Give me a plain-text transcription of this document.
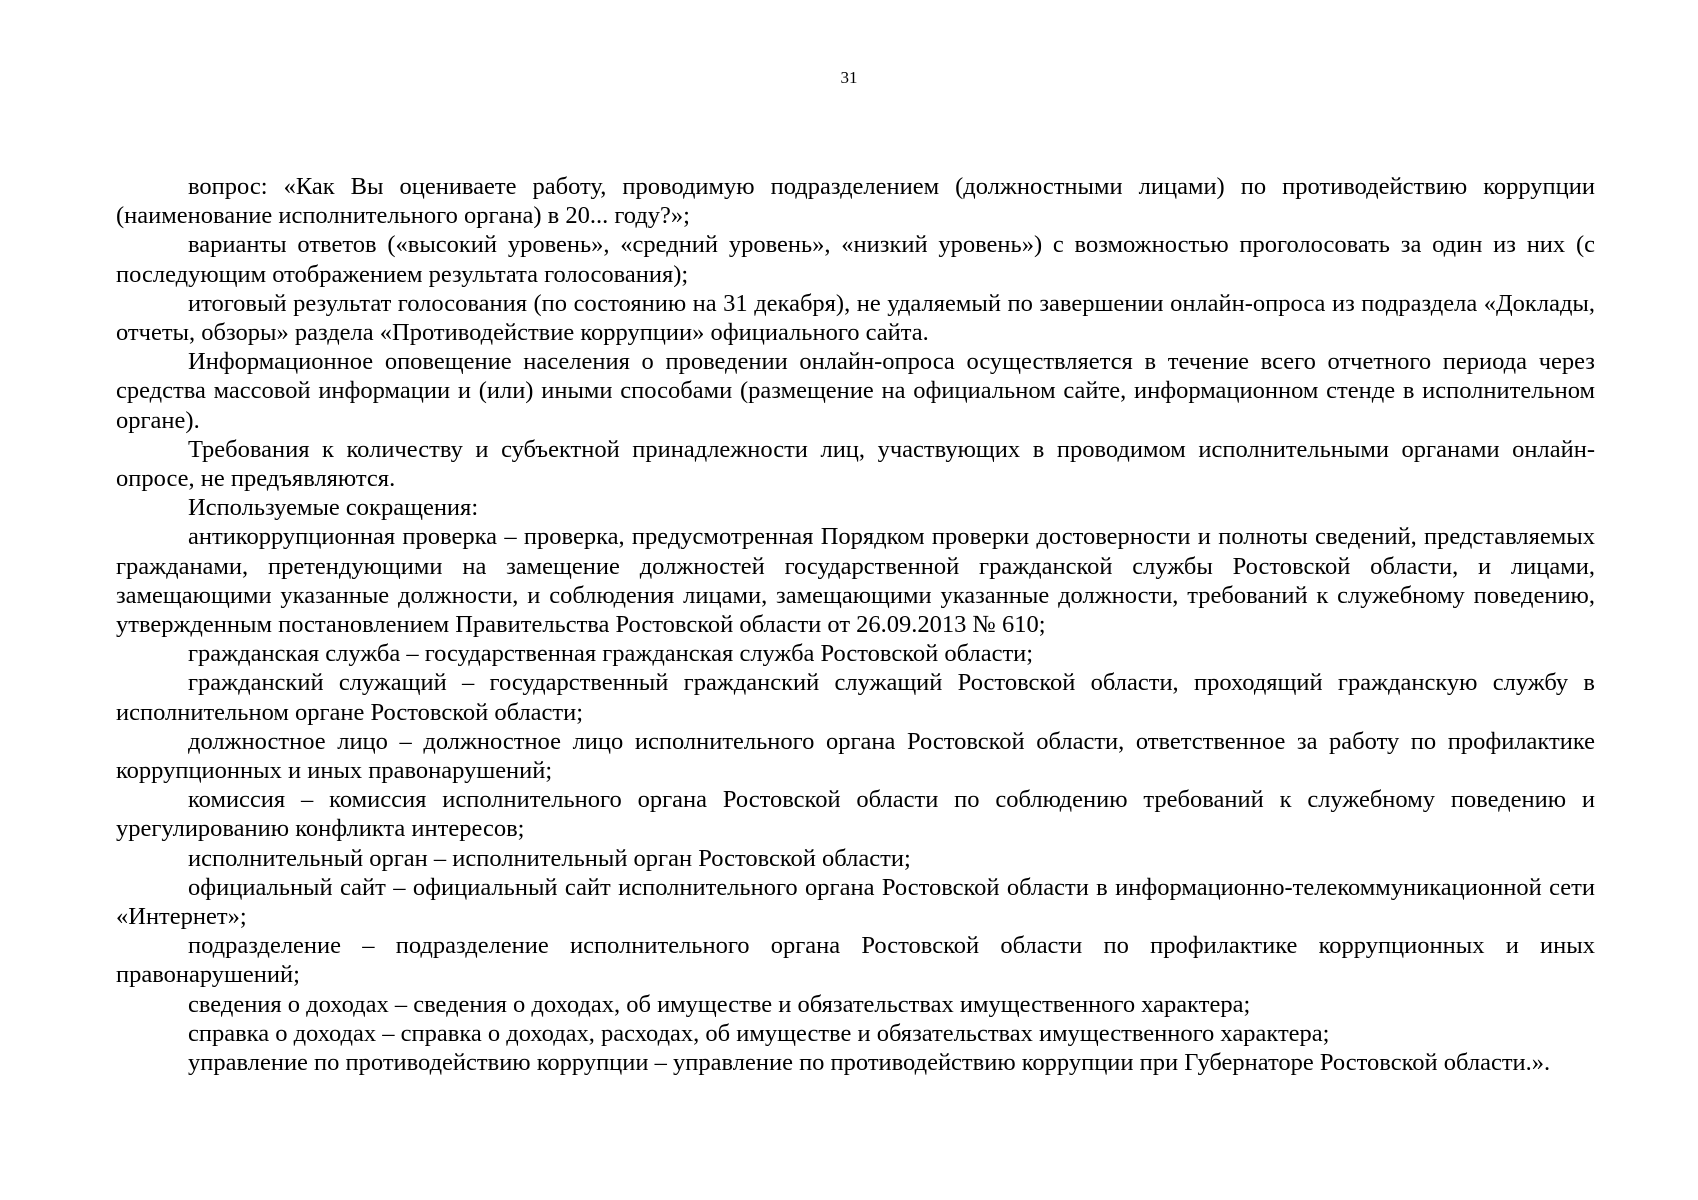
31

вопрос: «Как Вы оцениваете работу, проводимую подразделением (должностными лицами) по противодействию коррупции (наименование исполнительного органа) в 20... году?»;

варианты ответов («высокий уровень», «средний уровень», «низкий уровень») с возможностью проголосовать за один из них (с последующим отображением результата голосования);

итоговый результат голосования (по состоянию на 31 декабря), не удаляемый по завершении онлайн-опроса из подраздела «Доклады, отчеты, обзоры» раздела «Противодействие коррупции» официального сайта.

Информационное оповещение населения о проведении онлайн-опроса осуществляется в течение всего отчетного периода через средства массовой информации и (или) иными способами (размещение на официальном сайте, информационном стенде в исполнительном органе).

Требования к количеству и субъектной принадлежности лиц, участвующих в проводимом исполнительными органами онлайн-опросе, не предъявляются.

Используемые сокращения:

антикоррупционная проверка – проверка, предусмотренная Порядком проверки достоверности и полноты сведений, представляемых гражданами, претендующими на замещение должностей государственной гражданской службы Ростовской области, и лицами, замещающими указанные должности, и соблюдения лицами, замещающими указанные должности, требований к служебному поведению, утвержденным постановлением Правительства Ростовской области от 26.09.2013 № 610;

гражданская служба – государственная гражданская служба Ростовской области;

гражданский служащий – государственный гражданский служащий Ростовской области, проходящий гражданскую службу в исполнительном органе Ростовской области;

должностное лицо – должностное лицо исполнительного органа Ростовской области, ответственное за работу по профилактике коррупционных и иных правонарушений;

комиссия – комиссия исполнительного органа Ростовской области по соблюдению требований к служебному поведению и урегулированию конфликта интересов;

исполнительный орган – исполнительный орган Ростовской области;

официальный сайт – официальный сайт исполнительного органа Ростовской области в информационно-телекоммуникационной сети «Интернет»;

подразделение – подразделение исполнительного органа Ростовской области по профилактике коррупционных и иных правонарушений;

сведения о доходах – сведения о доходах, об имуществе и обязательствах имущественного характера;

справка о доходах – справка о доходах, расходах, об имуществе и обязательствах имущественного характера;

управление по противодействию коррупции – управление по противодействию коррупции при Губернаторе Ростовской области.».
